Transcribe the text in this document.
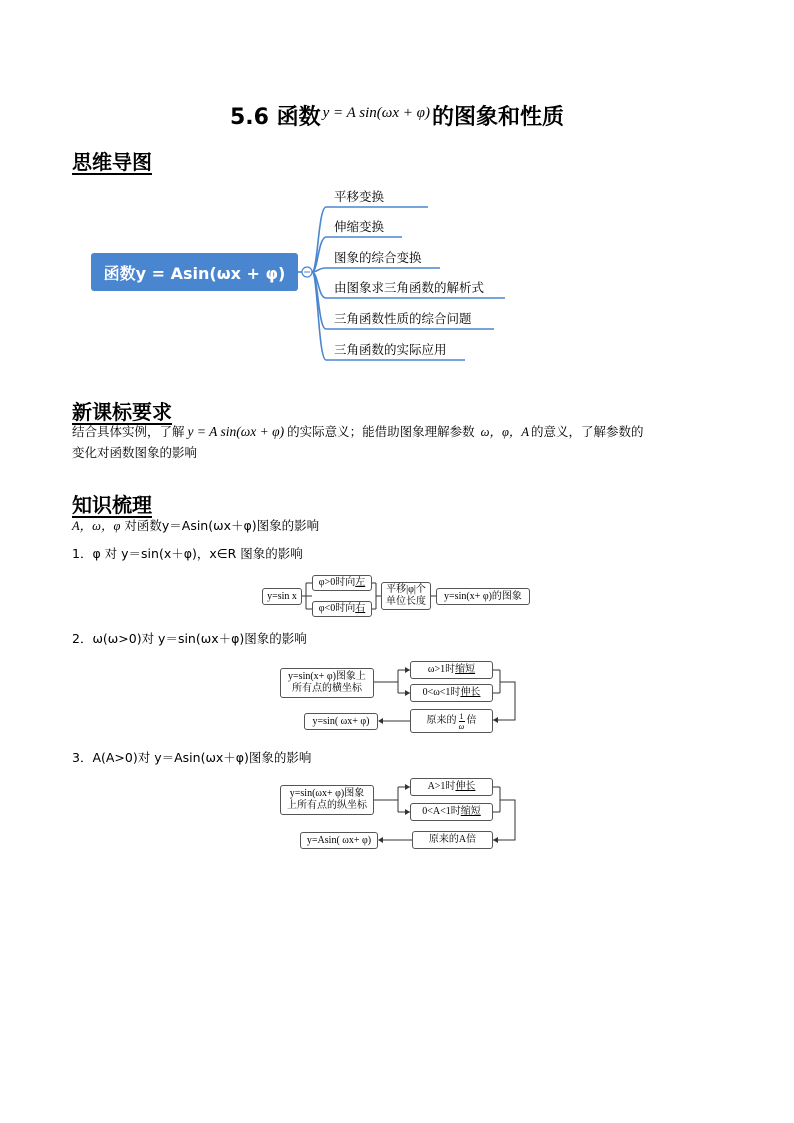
5.6 函数 $^{y = A sin(\omega x + \varphi)}$的图象和性质
思维导图
函数y = Asin(ωx + φ)
平移变换
伸缩变换
图象的综合变换
由图象求三角函数的解析式
三角函数性质的综合问题
三角函数的实际应用
新课标要求
结合具体实例，了解 y = A sin(ωx + φ) 的实际意义；能借助图象理解参数 ω，φ，A 的意义，了解参数的
变化对函数图象的影响
知识梳理
A，ω，φ 对函数y＝Asin(ωx＋φ)图象的影响
1．φ 对 y＝sin(x＋φ)，x∈R 图象的影响
y=sin x
φ>0时向 左
φ<0时向 右
平移|φ|个
单位长度	y=sin(x+ φ)的图象
2．ω(ω>0)对 y＝sin(ωx＋φ)图象的影响
y=sin(x+ φ)图象上
所有点的横坐标
ω>1时 缩短
0<ω<1时 伸长
原来的 1
ω 倍
y=sin( ωx+ φ)
3．A(A>0)对 y＝Asin(ωx＋φ)图象的影响
y=sin(ωx+ φ)图象
上所有点的纵坐标
A>1时 伸长
0<A<1时 缩短
原来的A倍
y=Asin( ωx+ φ)
